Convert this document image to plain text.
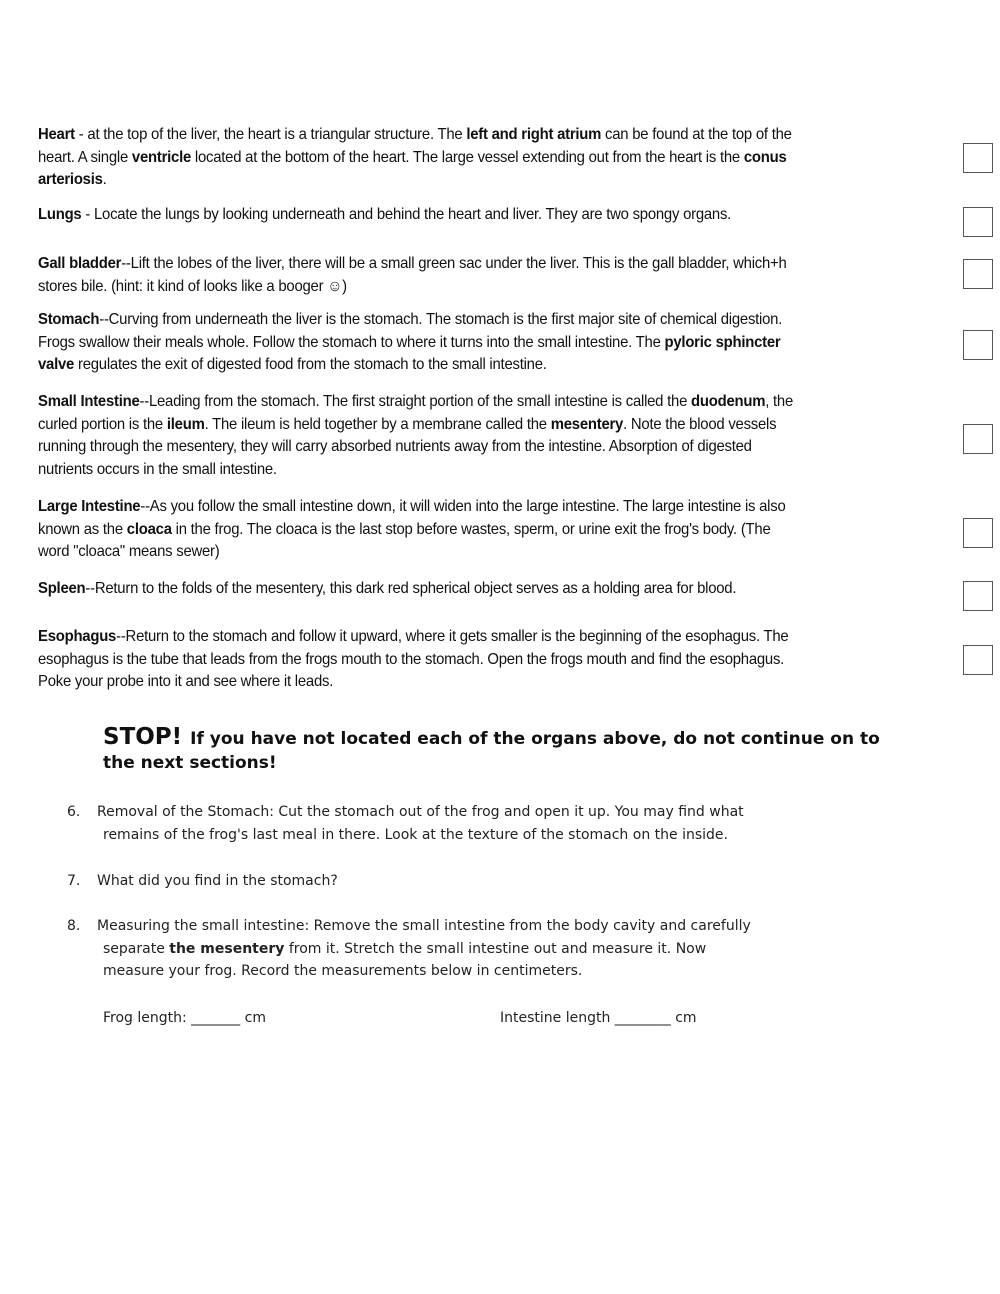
Heart - at the top of the liver, the heart is a triangular structure. The left and right atrium can be found at the top of the heart. A single ventricle located at the bottom of the heart. The large vessel extending out from the heart is the conus arteriosis.
Lungs - Locate the lungs by looking underneath and behind the heart and liver. They are two spongy organs.
Gall bladder--Lift the lobes of the liver, there will be a small green sac under the liver. This is the gall bladder, which+h stores bile. (hint: it kind of looks like a booger ☺)
Stomach--Curving from underneath the liver is the stomach. The stomach is the first major site of chemical digestion. Frogs swallow their meals whole. Follow the stomach to where it turns into the small intestine. The pyloric sphincter valve regulates the exit of digested food from the stomach to the small intestine.
Small Intestine--Leading from the stomach. The first straight portion of the small intestine is called the duodenum, the curled portion is the ileum. The ileum is held together by a membrane called the mesentery. Note the blood vessels running through the mesentery, they will carry absorbed nutrients away from the intestine. Absorption of digested nutrients occurs in the small intestine.
Large Intestine--As you follow the small intestine down, it will widen into the large intestine. The large intestine is also known as the cloaca in the frog. The cloaca is the last stop before wastes, sperm, or urine exit the frog's body. (The word "cloaca" means sewer)
Spleen--Return to the folds of the mesentery, this dark red spherical object serves as a holding area for blood.
Esophagus--Return to the stomach and follow it upward, where it gets smaller is the beginning of the esophagus. The esophagus is the tube that leads from the frogs mouth to the stomach. Open the frogs mouth and find the esophagus. Poke your probe into it and see where it leads.
STOP! If you have not located each of the organs above, do not continue on to the next sections!
6. Removal of the Stomach: Cut the stomach out of the frog and open it up. You may find what
remains of the frog's last meal in there. Look at the texture of the stomach on the inside.
7. What did you find in the stomach?
8. Measuring the small intestine: Remove the small intestine from the body cavity and carefully
separate the mesentery from it. Stretch the small intestine out and measure it. Now
measure your frog. Record the measurements below in centimeters.
Frog length: _______ cm	Intestine length ________ cm
